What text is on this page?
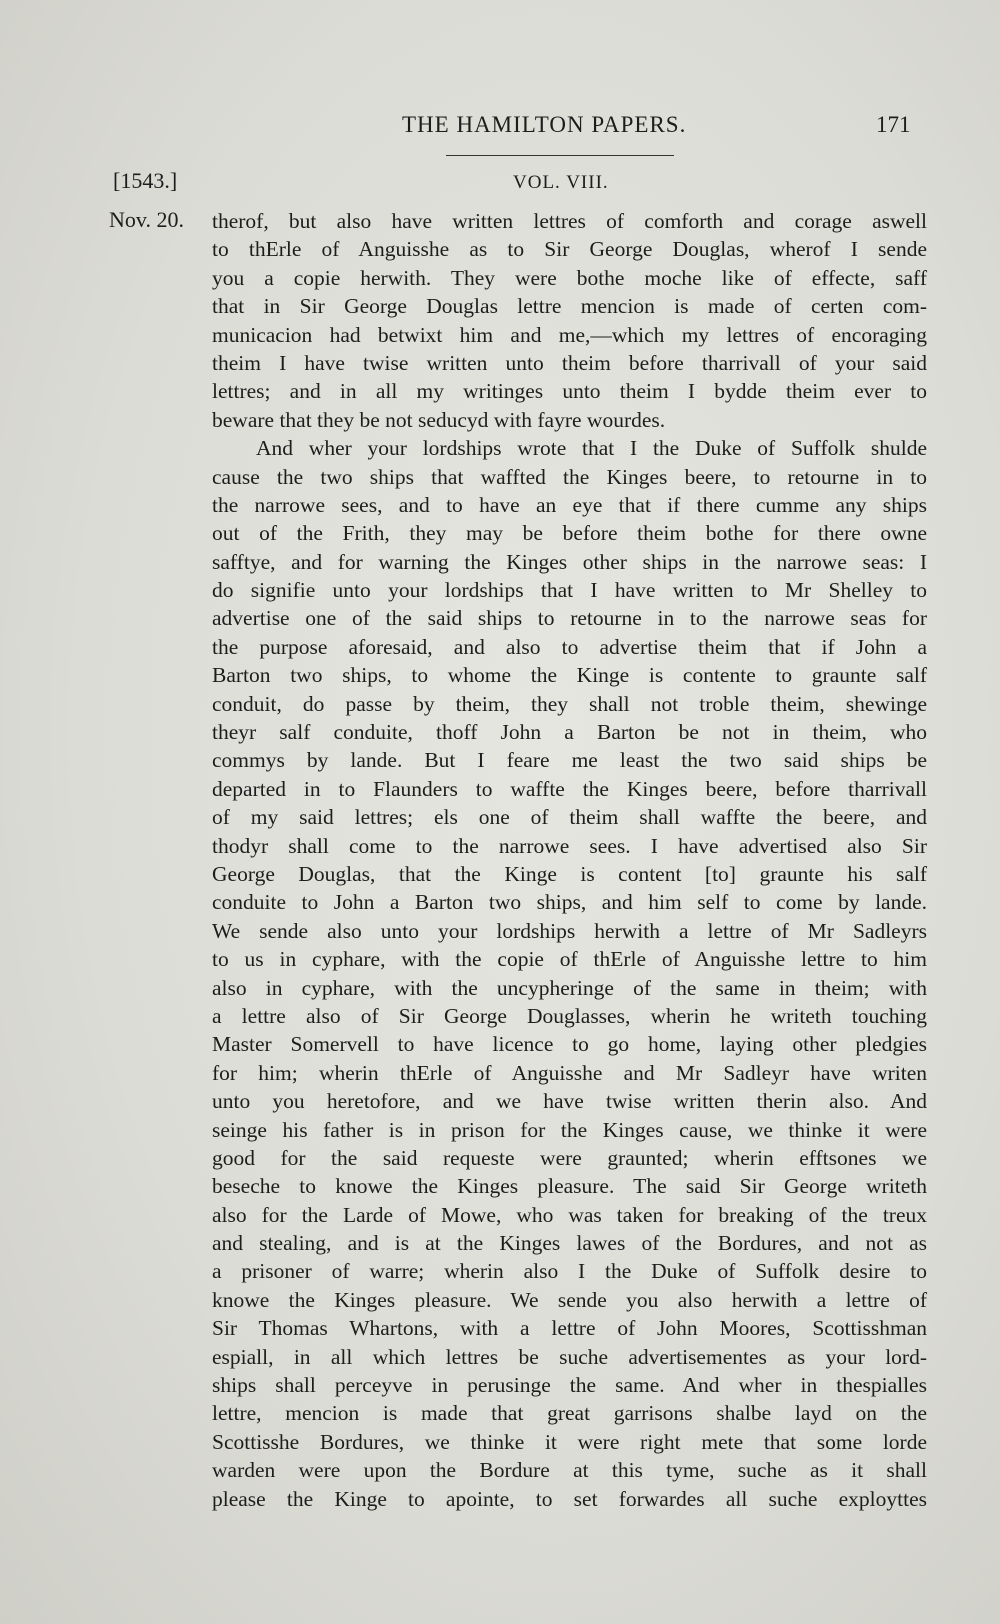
THE HAMILTON PAPERS.	171
[1543.]	VOL. VIII.
Nov. 20. therof, but also have written lettres of comforth and corage aswell
to thErle of Anguisshe as to Sir George Douglas, wherof I sende
you a copie herwith. They were bothe moche like of effecte, saff
that in Sir George Douglas lettre mencion is made of certen com-
municacion had betwixt him and me,—which my lettres of encoraging
theim I have twise written unto theim before tharrivall of your said
lettres; and in all my writinges unto theim I bydde theim ever to
beware that they be not seducyd with fayre wourdes.
And wher your lordships wrote that I the Duke of Suffolk shulde
cause the two ships that waffted the Kinges beere, to retourne in to
the narrowe sees, and to have an eye that if there cumme any ships
out of the Frith, they may be before theim bothe for there owne
safftye, and for warning the Kinges other ships in the narrowe seas: I
do signifie unto your lordships that I have written to Mr Shelley to
advertise one of the said ships to retourne in to the narrowe seas for
the purpose aforesaid, and also to advertise theim that if John a
Barton two ships, to whome the Kinge is contente to graunte salf
conduit, do passe by theim, they shall not troble theim, shewinge
theyr salf conduite, thoff John a Barton be not in theim, who
commys by lande. But I feare me least the two said ships be
departed in to Flaunders to waffte the Kinges beere, before tharrivall
of my said lettres; els one of theim shall waffte the beere, and
thodyr shall come to the narrowe sees. I have advertised also Sir
George Douglas, that the Kinge is content [to] graunte his salf
conduite to John a Barton two ships, and him self to come by lande.
We sende also unto your lordships herwith a lettre of Mr Sadleyrs
to us in cyphare, with the copie of thErle of Anguisshe lettre to him
also in cyphare, with the uncypheringe of the same in theim; with
a lettre also of Sir George Douglasses, wherin he writeth touching
Master Somervell to have licence to go home, laying other pledgies
for him; wherin thErle of Anguisshe and Mr Sadleyr have writen
unto you heretofore, and we have twise written therin also. And
seinge his father is in prison for the Kinges cause, we thinke it were
good for the said requeste were graunted; wherin efftsones we
beseche to knowe the Kinges pleasure. The said Sir George writeth
also for the Larde of Mowe, who was taken for breaking of the treux
and stealing, and is at the Kinges lawes of the Bordures, and not as
a prisoner of warre; wherin also I the Duke of Suffolk desire to
knowe the Kinges pleasure. We sende you also herwith a lettre of
Sir Thomas Whartons, with a lettre of John Moores, Scottisshman
espiall, in all which lettres be suche advertisementes as your lord-
ships shall perceyve in perusinge the same. And wher in thespialles
lettre, mencion is made that great garrisons shalbe layd on the
Scottisshe Bordures, we thinke it were right mete that some lorde
warden were upon the Bordure at this tyme, suche as it shall
please the Kinge to apointe, to set forwardes all suche exployttes
